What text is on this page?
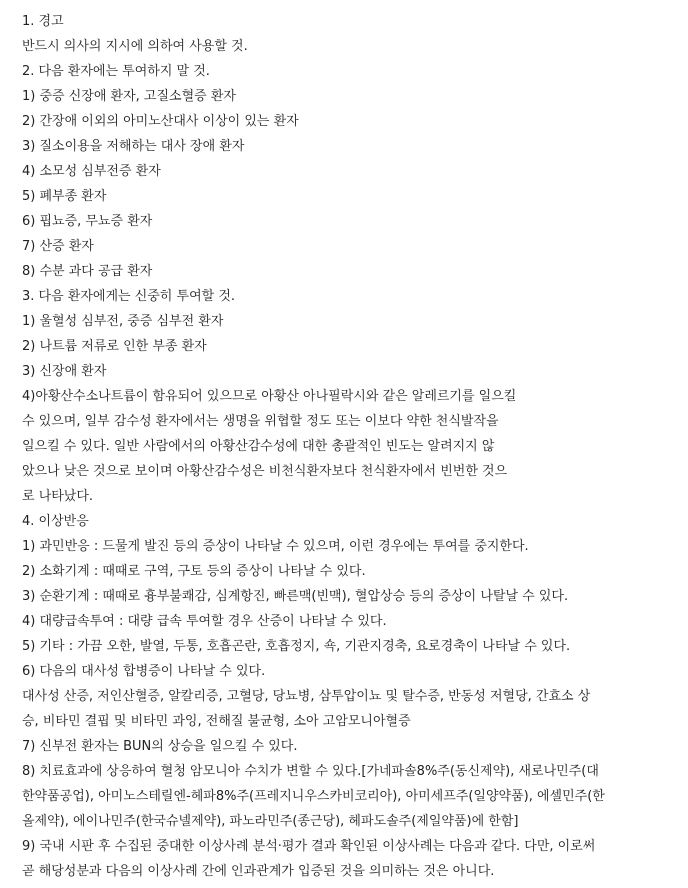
1. 경고
반드시 의사의 지시에 의하여 사용할 것.
2. 다음 환자에는 투여하지 말 것.
1) 중증 신장애 환자, 고질소혈증 환자
2) 간장애 이외의 아미노산대사 이상이 있는 환자
3) 질소이용을 저해하는 대사 장애 환자
4) 소모성 심부전증 환자
5) 폐부종 환자
6) 핍뇨증, 무뇨증 환자
7) 산증 환자
8) 수분 과다 공급 환자
3. 다음 환자에게는 신중히 투여할 것.
1) 울혈성 심부전, 중증 심부전 환자
2) 나트륨 저류로 인한 부종 환자
3) 신장애 환자
4)아황산수소나트륨이 함유되어 있으므로 아황산 아나필락시와 같은 알레르기를 일으킬
수 있으며, 일부 감수성 환자에서는 생명을 위협할 정도 또는 이보다 약한 천식발작을
일으킬 수 있다. 일반 사람에서의 아황산감수성에 대한 총괄적인 빈도는 알려지지 않
았으나 낮은 것으로 보이며 아황산감수성은 비천식환자보다 천식환자에서 빈번한 것으
로 나타났다.
4. 이상반응
1) 과민반응 : 드물게 발진 등의 증상이 나타날 수 있으며, 이런 경우에는 투여를 중지한다.
2) 소화기계 : 때때로 구역, 구토 등의 증상이 나타날 수 있다.
3) 순환기계 : 때때로 흉부불쾌감, 심계항진, 빠른맥(빈맥), 혈압상승 등의 증상이 나탈날 수 있다.
4) 대량급속투여 : 대량 급속 투여할 경우 산증이 나타날 수 있다.
5) 기타 : 가끔 오한, 발열, 두통, 호흡곤란, 호흡정지, 쇽, 기관지경축, 요로경축이 나타날 수 있다.
6) 다음의 대사성 합병증이 나타날 수 있다.
대사성 산증, 저인산혈증, 알칼리증, 고혈당, 당뇨병, 삼투압이뇨 및 탈수증, 반동성 저혈당, 간효소 상
승, 비타민 결핍 및 비타민 과잉, 전해질 불균형, 소아 고암모니아혈증
7) 신부전 환자는 BUN의 상승을 일으킬 수 있다.
8) 치료효과에 상응하여 혈청 암모니아 수치가 변할 수 있다.[가네파솔8%주(동신제약), 새로나민주(대
한약품공업), 아미노스테릴엔-헤파8%주(프레지니우스카비코리아), 아미세프주(일양약품), 에셀민주(한
올제약), 에이나민주(한국슈넬제약), 파노라민주(종근당), 헤파도솔주(제일약품)에 한함]
9) 국내 시판 후 수집된 중대한 이상사례 분석·평가 결과 확인된 이상사례는 다음과 같다. 다만, 이로써
곧 해당성분과 다음의 이상사례 간에 인과관계가 입증된 것을 의미하는 것은 아니다.
